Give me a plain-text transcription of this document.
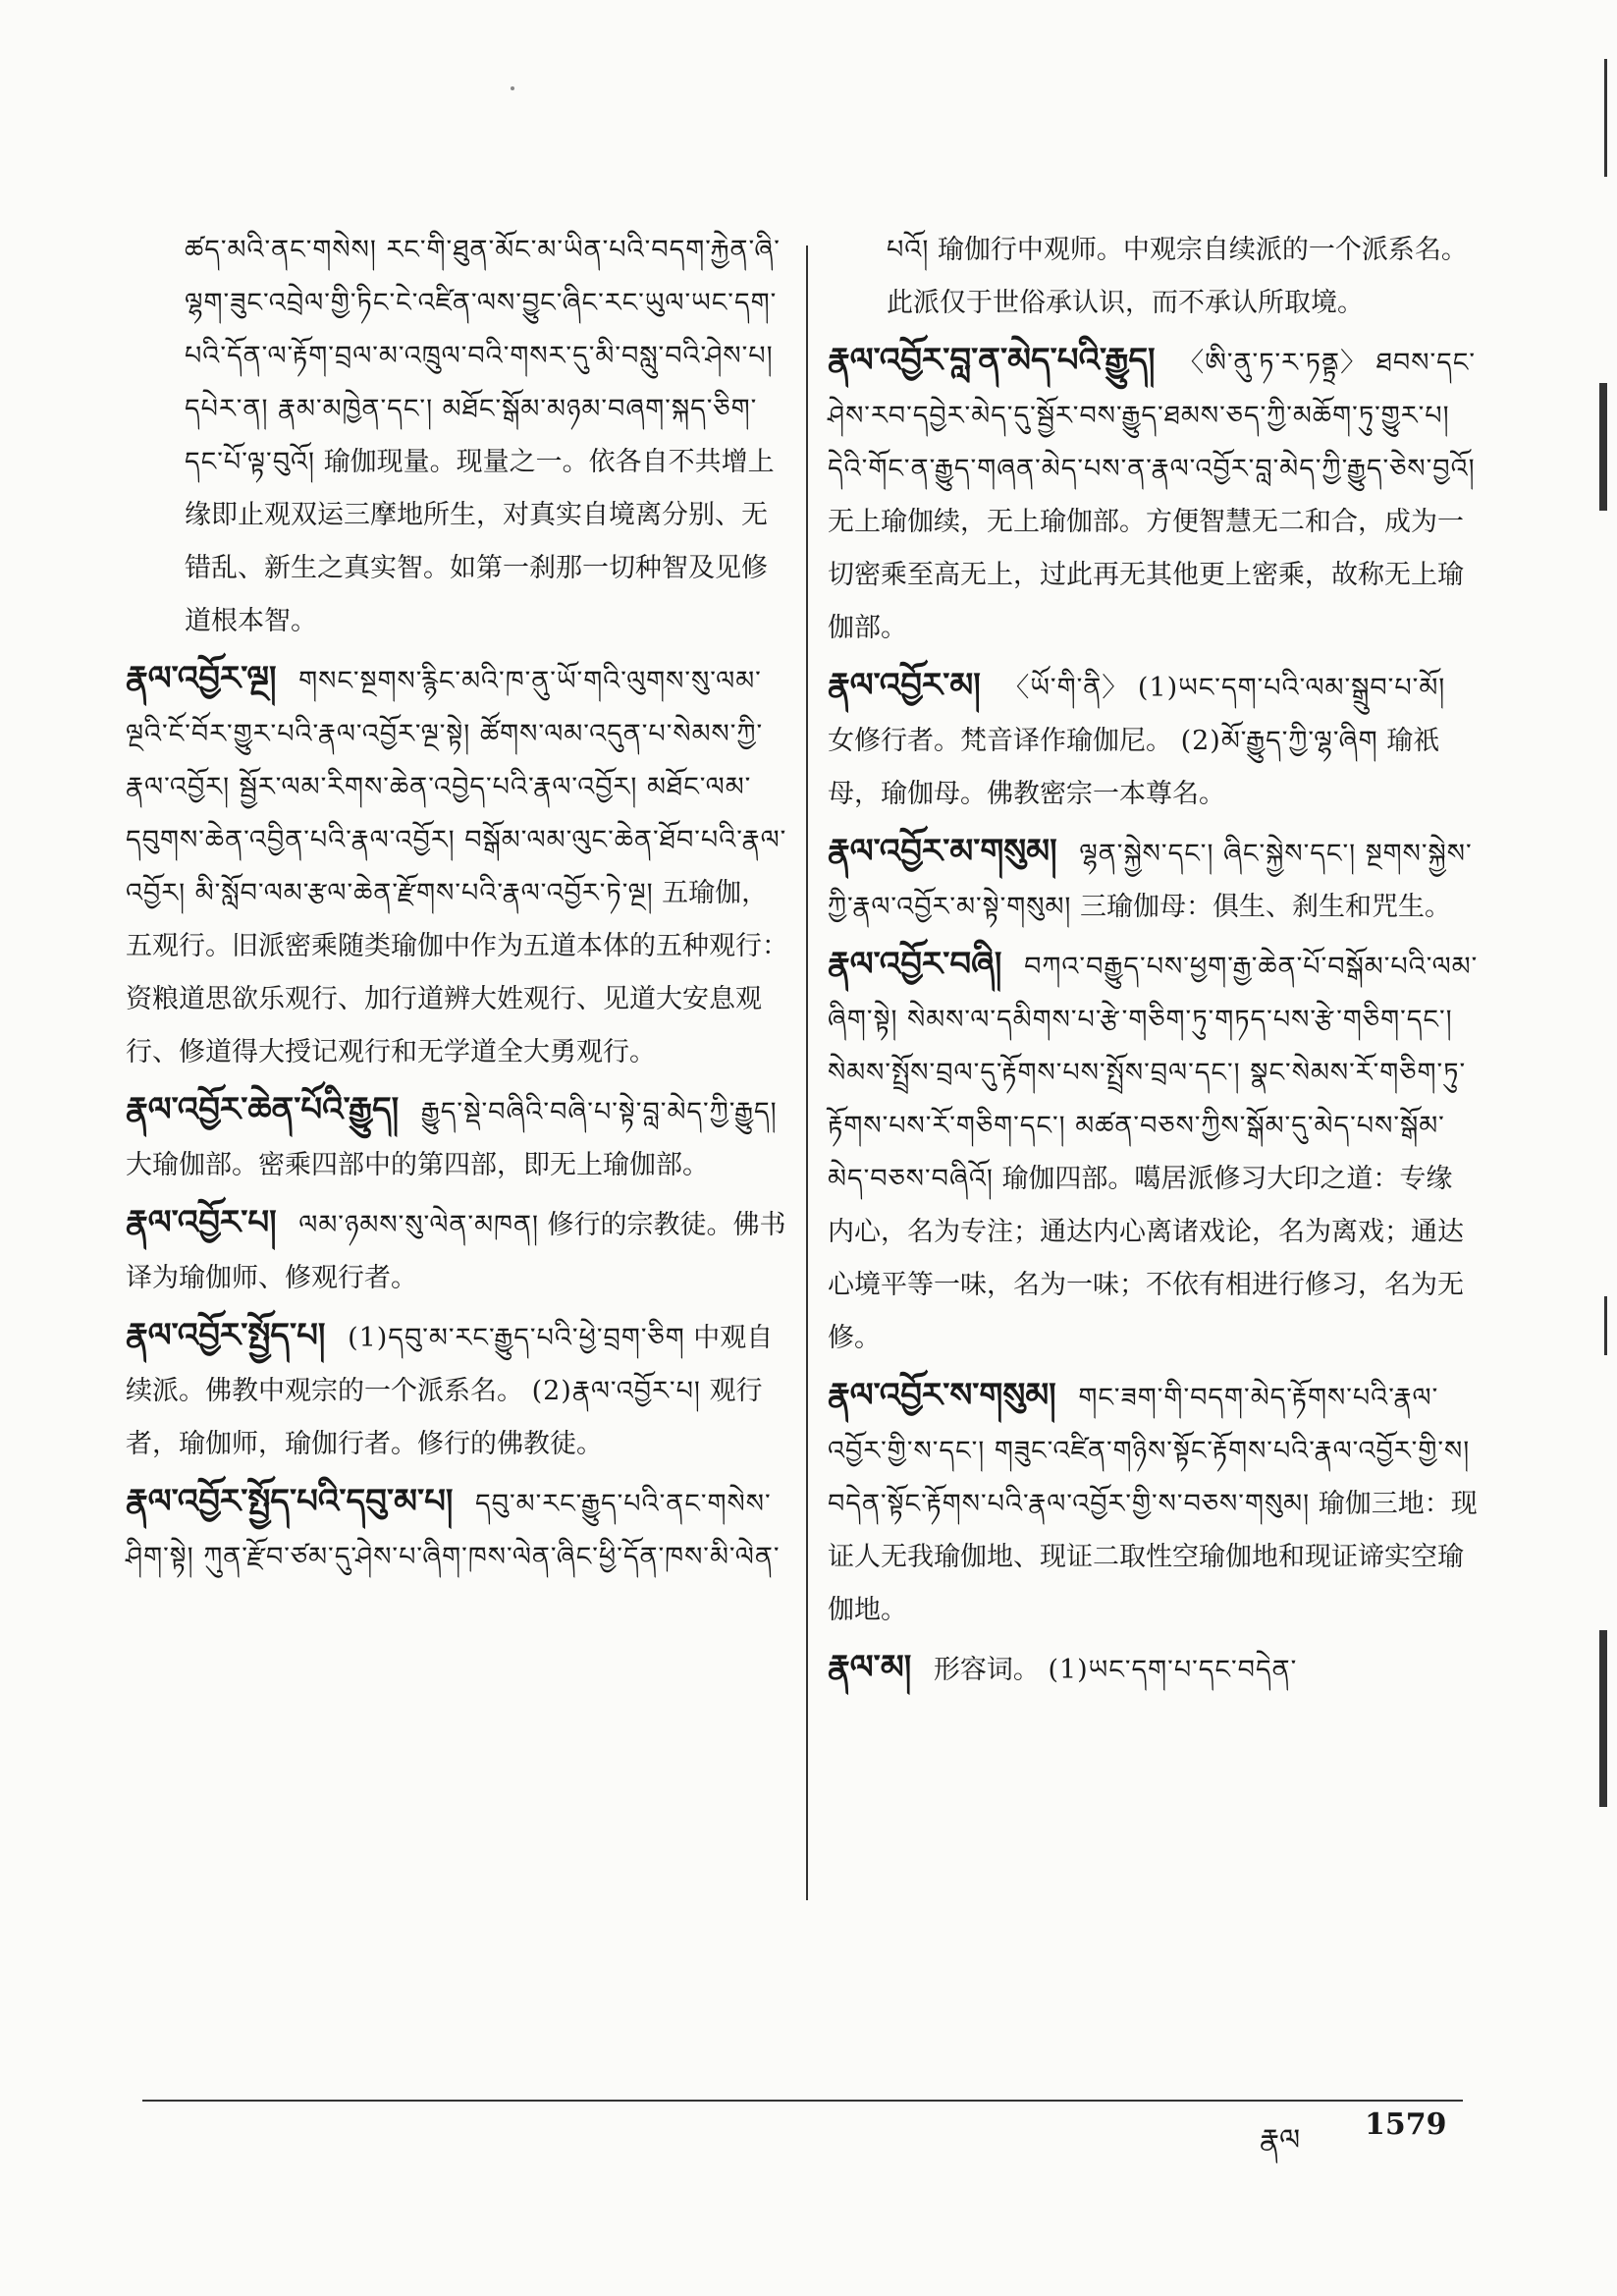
ཚད་མའི་ནང་གསེས། རང་གི་ཐུན་མོང་མ་ཡིན་པའི་བདག་རྐྱེན་ཞི་ལྷག་ཟུང་འབྲེལ་གྱི་ཏིང་ངེ་འཛིན་ལས་བྱུང་ཞིང་རང་ཡུལ་ཡང་དག་པའི་དོན་ལ་རྟོག་བྲལ་མ་འཁྲུལ་བའི་གསར་དུ་མི་བསླུ་བའི་ཤེས་པ། དཔེར་ན། རྣམ་མཁྱེན་དང་། མཐོང་སྒོམ་མཉམ་བཞག་སྐད་ཅིག་དང་པོ་ལྟ་བུའོ། 瑜伽现量。现量之一。依各自不共增上缘即止观双运三摩地所生，对真实自境离分别、无错乱、新生之真实智。如第一刹那一切种智及见修道根本智。
རྣལ་འབྱོར་ལྔ། གསང་སྔགས་རྙིང་མའི་ཁ་ནུ་ཡོ་གའི་ལུགས་སུ་ལམ་ལྔའི་ངོ་བོར་གྱུར་པའི་རྣལ་འབྱོར་ལྔ་སྟེ། ཚོགས་ལམ་འདུན་པ་སེམས་ཀྱི་རྣལ་འབྱོར། སྦྱོར་ལམ་རིགས་ཆེན་འབྱེད་པའི་རྣལ་འབྱོར། མཐོང་ལམ་དབུགས་ཆེན་འབྱིན་པའི་རྣལ་འབྱོར། བསྒོམ་ལམ་ལུང་ཆེན་ཐོབ་པའི་རྣལ་འབྱོར། མི་སློབ་ལམ་རྩལ་ཆེན་རྫོགས་པའི་རྣལ་འབྱོར་ཏེ་ལྔ། 五瑜伽，五观行。旧派密乘随类瑜伽中作为五道本体的五种观行：资粮道思欲乐观行、加行道辨大姓观行、见道大安息观行、修道得大授记观行和无学道全大勇观行。
རྣལ་འབྱོར་ཆེན་པོའི་རྒྱུད། རྒྱུད་སྡེ་བཞིའི་བཞི་པ་སྟེ་བླ་མེད་ཀྱི་རྒྱུད། 大瑜伽部。密乘四部中的第四部，即无上瑜伽部。
རྣལ་འབྱོར་པ། ལམ་ཉམས་སུ་ལེན་མཁན། 修行的宗教徒。佛书译为瑜伽师、修观行者。
རྣལ་འབྱོར་སྤྱོད་པ། (1)དབུ་མ་རང་རྒྱུད་པའི་ཕྱེ་བྲག་ཅིག 中观自续派。佛教中观宗的一个派系名。 (2)རྣལ་འབྱོར་པ། 观行者，瑜伽师，瑜伽行者。修行的佛教徒。
རྣལ་འབྱོར་སྤྱོད་པའི་དབུ་མ་པ། དབུ་མ་རང་རྒྱུད་པའི་ནང་གསེས་ཤིག་སྟེ། ཀུན་རྫོབ་ཙམ་དུ་ཤེས་པ་ཞིག་ཁས་ལེན་ཞིང་ཕྱི་དོན་ཁས་མི་ལེན་
པའོ། 瑜伽行中观师。中观宗自续派的一个派系名。此派仅于世俗承认识，而不承认所取境。
རྣལ་འབྱོར་བླ་ན་མེད་པའི་རྒྱུད། 〈ཨི་ནུ་ཏ་ར་ཏནྟྲ〉 ཐབས་དང་ཤེས་རབ་དབྱེར་མེད་དུ་སྦྱོར་བས་རྒྱུད་ཐམས་ཅད་ཀྱི་མཆོག་ཏུ་གྱུར་པ། དེའི་གོང་ན་རྒྱུད་གཞན་མེད་པས་ན་རྣལ་འབྱོར་བླ་མེད་ཀྱི་རྒྱུད་ཅེས་བྱའོ། 无上瑜伽续，无上瑜伽部。方便智慧无二和合，成为一切密乘至高无上，过此再无其他更上密乘，故称无上瑜伽部。
རྣལ་འབྱོར་མ། 〈ཡོ་གི་ནི〉 (1)ཡང་དག་པའི་ལམ་སྒྲུབ་པ་མོ། 女修行者。梵音译作瑜伽尼。 (2)མོ་རྒྱུད་ཀྱི་ལྷ་ཞིག 瑜祇母，瑜伽母。佛教密宗一本尊名。
རྣལ་འབྱོར་མ་གསུམ། ལྷན་སྐྱེས་དང་། ཞིང་སྐྱེས་དང་། སྔགས་སྐྱེས་ཀྱི་རྣལ་འབྱོར་མ་སྟེ་གསུམ། 三瑜伽母：俱生、刹生和咒生。
རྣལ་འབྱོར་བཞི། བཀའ་བརྒྱུད་པས་ཕྱག་རྒྱ་ཆེན་པོ་བསྒོམ་པའི་ལམ་ཞིག་སྟེ། སེམས་ལ་དམིགས་པ་རྩེ་གཅིག་ཏུ་གཏད་པས་རྩེ་གཅིག་དང་། སེམས་སྤྲོས་བྲལ་དུ་རྟོགས་པས་སྤྲོས་བྲལ་དང་། སྣང་སེམས་རོ་གཅིག་ཏུ་རྟོགས་པས་རོ་གཅིག་དང་། མཚན་བཅས་ཀྱིས་སྒོམ་དུ་མེད་པས་སྒོམ་མེད་བཅས་བཞིའོ། 瑜伽四部。噶居派修习大印之道：专缘内心，名为专注；通达内心离诸戏论，名为离戏；通达心境平等一味，名为一味；不依有相进行修习，名为无修。
རྣལ་འབྱོར་ས་གསུམ། གང་ཟག་གི་བདག་མེད་རྟོགས་པའི་རྣལ་འབྱོར་གྱི་ས་དང་། གཟུང་འཛིན་གཉིས་སྟོང་རྟོགས་པའི་རྣལ་འབྱོར་གྱི་ས། བདེན་སྟོང་རྟོགས་པའི་རྣལ་འབྱོར་གྱི་ས་བཅས་གསུམ། 瑜伽三地：现证人无我瑜伽地、现证二取性空瑜伽地和现证谛实空瑜伽地。
རྣལ་མ། 形容词。 (1)ཡང་དག་པ་དང་བདེན་
རྣལ 1579
